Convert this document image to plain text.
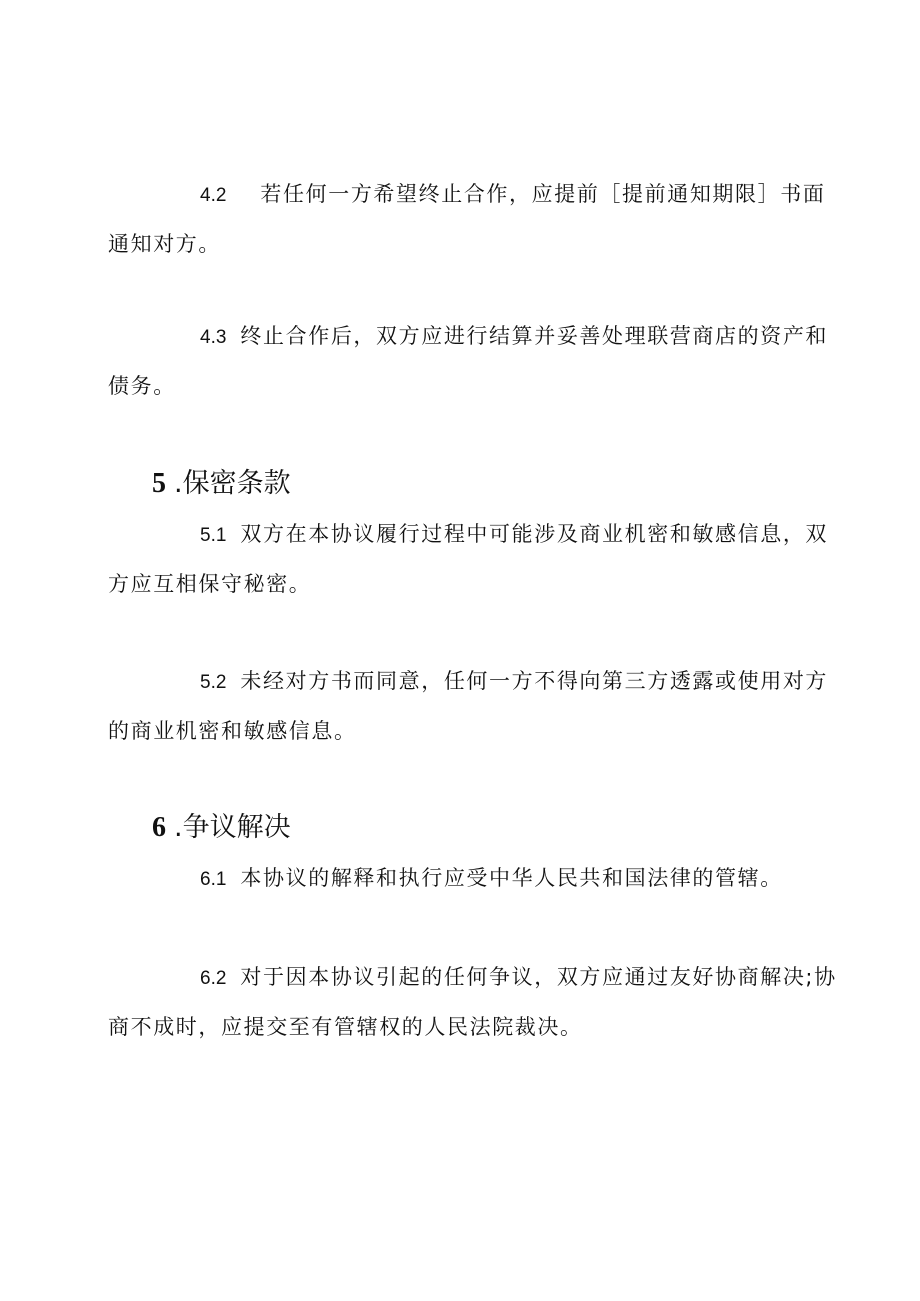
4.2 若任何一方希望终止合作，应提前［提前通知期限］书面
通知对方。

4.3 终止合作后，双方应进行结算并妥善处理联营商店的资产和
债务。

5 .保密条款

5.1 双方在本协议履行过程中可能涉及商业机密和敏感信息，双
方应互相保守秘密。

5.2 未经对方书而同意，任何一方不得向第三方透露或使用对方
的商业机密和敏感信息。

6 .争议解决

6.1 本协议的解释和执行应受中华人民共和国法律的管辖。

6.2 对于因本协议引起的任何争议，双方应通过友好协商解决;协
商不成时，应提交至有管辖权的人民法院裁决。
